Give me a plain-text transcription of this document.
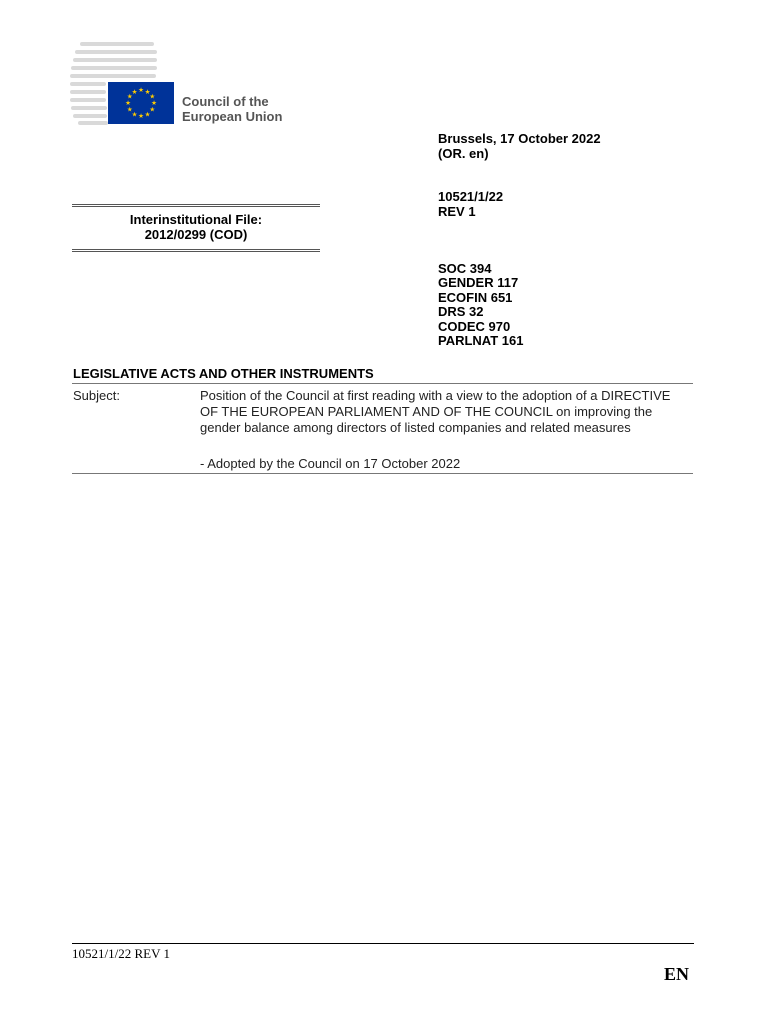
★ ★
★
★
★
★
★
★
★
★
★
★
Council of the
European Union
Brussels, 17 October 2022
(OR. en)
10521/1/22
REV 1
SOC 394
GENDER 117
ECOFIN 651
DRS 32
CODEC 970
PARLNAT 161
Interinstitutional File:
2012/0299 (COD)
LEGISLATIVE ACTS AND OTHER INSTRUMENTS
Subject:	Position of the Council at first reading with a view to the adoption of a DIRECTIVE OF THE EUROPEAN PARLIAMENT AND OF THE COUNCIL on improving the gender balance among directors of listed companies and related measures
- Adopted by the Council on 17 October 2022
10521/1/22 REV 1
EN
